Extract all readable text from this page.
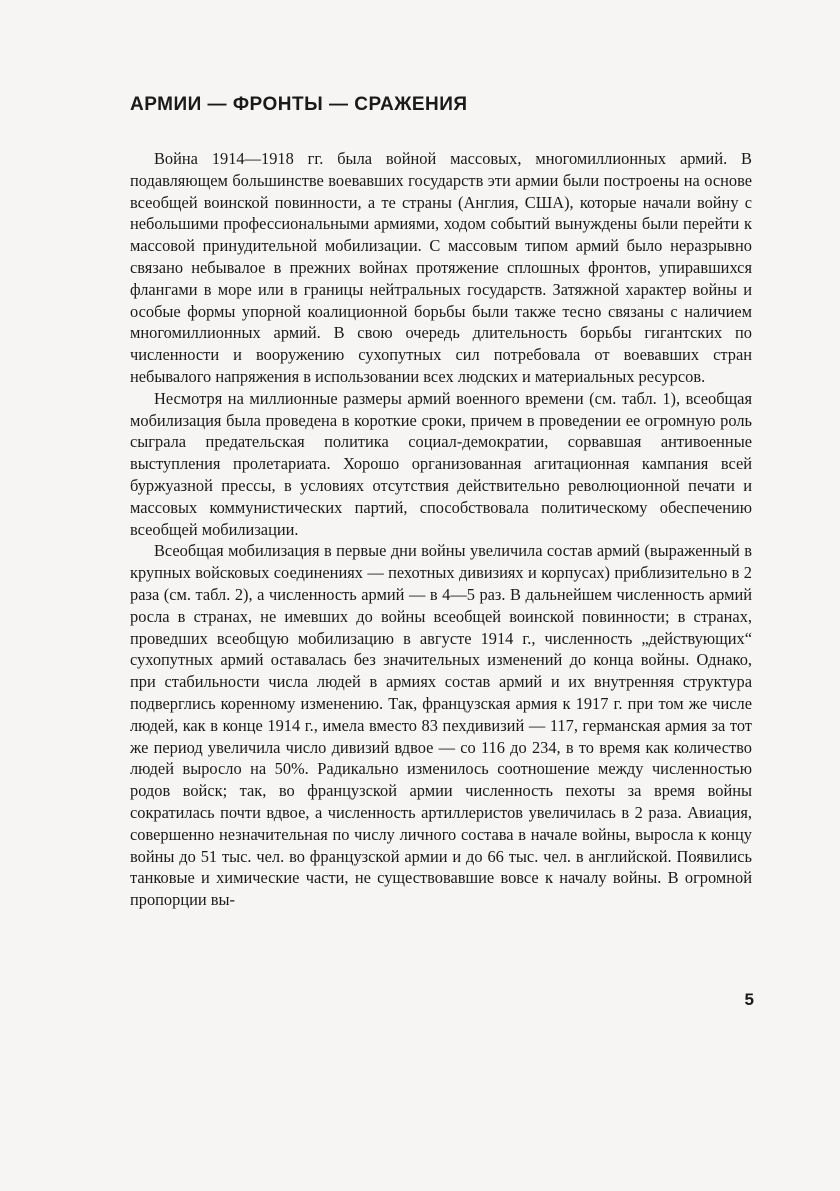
АРМИИ — ФРОНТЫ — СРАЖЕНИЯ

Война 1914—1918 гг. была войной массовых, многомиллионных армий. В подавляющем большинстве воевавших государств эти армии были построены на основе всеобщей воинской повинности, а те страны (Англия, США), которые начали войну с небольшими профессиональными армиями, ходом событий вынуждены были перейти к массовой принудительной мобилизации. С массовым типом армий было неразрывно связано небывалое в прежних войнах протяжение сплошных фронтов, упиравшихся флангами в море или в границы нейтральных государств. Затяжной характер войны и особые формы упорной коалиционной борьбы были также тесно связаны с наличием многомиллионных армий. В свою очередь длительность борьбы гигантских по численности и вооружению сухопутных сил потребовала от воевавших стран небывалого напряжения в использовании всех людских и материальных ресурсов.

Несмотря на миллионные размеры армий военного времени (см. табл. 1), всеобщая мобилизация была проведена в короткие сроки, причем в проведении ее огромную роль сыграла предательская политика социал-демократии, сорвавшая антивоенные выступления пролетариата. Хорошо организованная агитационная кампания всей буржуазной прессы, в условиях отсутствия действительно революционной печати и массовых коммунистических партий, способствовала политическому обеспечению всеобщей мобилизации.

Всеобщая мобилизация в первые дни войны увеличила состав армий (выраженный в крупных войсковых соединениях — пехотных дивизиях и корпусах) приблизительно в 2 раза (см. табл. 2), а численность армий — в 4—5 раз. В дальнейшем численность армий росла в странах, не имевших до войны всеобщей воинской повинности; в странах, проведших всеобщую мобилизацию в августе 1914 г., численность „действующих“ сухопутных армий оставалась без значительных изменений до конца войны. Однако, при стабильности числа людей в армиях состав армий и их внутренняя структура подверглись коренному изменению. Так, французская армия к 1917 г. при том же числе людей, как в конце 1914 г., имела вместо 83 пехдивизий — 117, германская армия за тот же период увеличила число дивизий вдвое — со 116 до 234, в то время как количество людей выросло на 50%. Радикально изменилось соотношение между численностью родов войск; так, во французской армии численность пехоты за время войны сократилась почти вдвое, а численность артиллеристов увеличилась в 2 раза. Авиация, совершенно незначительная по числу личного состава в начале войны, выросла к концу войны до 51 тыс. чел. во французской армии и до 66 тыс. чел. в английской. Появились танковые и химические части, не существовавшие вовсе к началу войны. В огромной пропорции вы-

5
